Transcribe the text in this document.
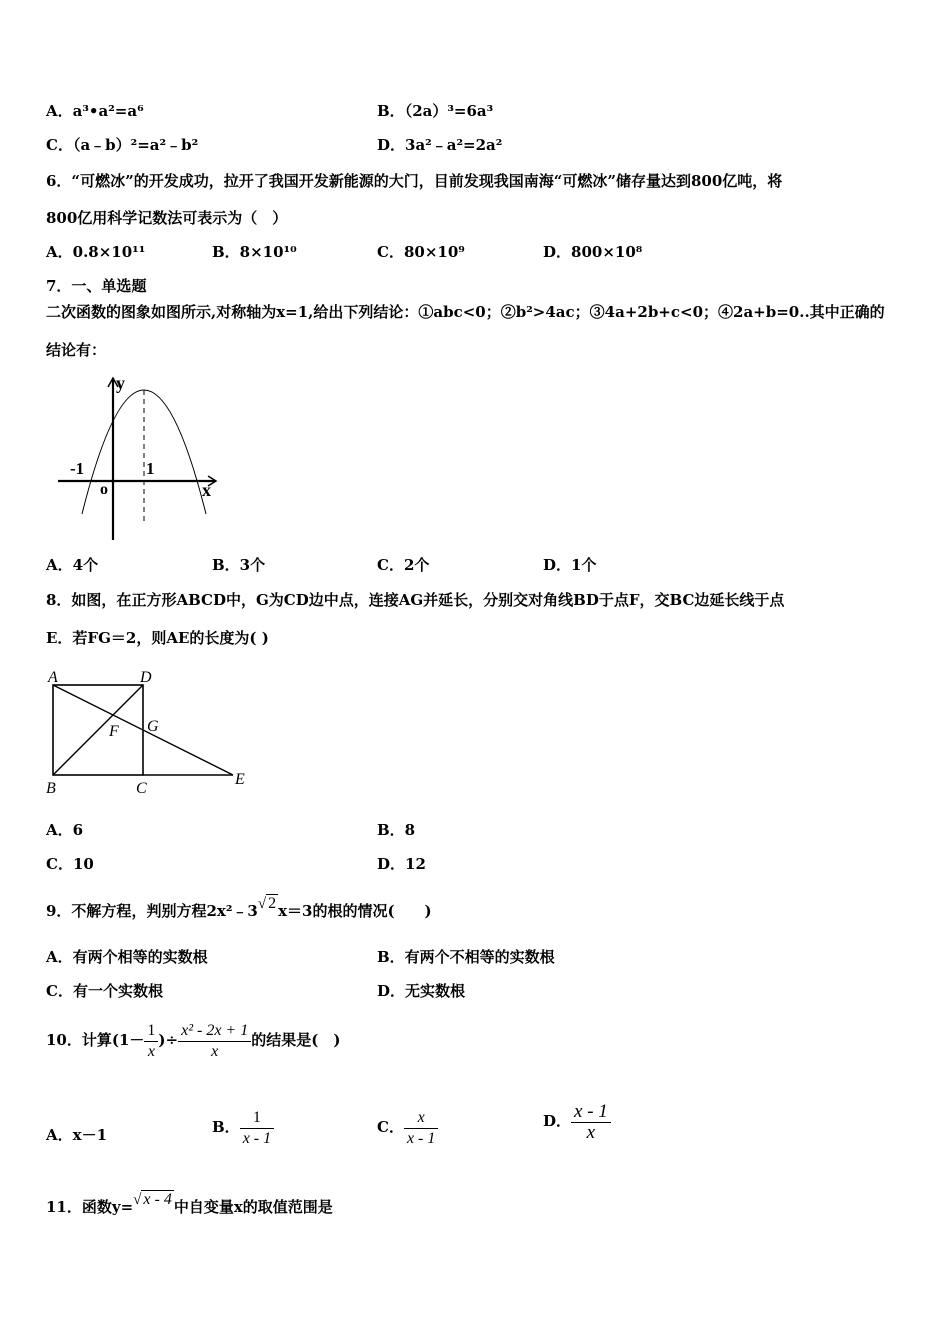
A．a³•a²=a⁶	B．（2a）³=6a³
C．（a﹣b）²=a²﹣b²	D．3a²﹣a²=2a²
6．“可燃冰”的开发成功，拉开了我国开发新能源的大门，目前发现我国南海“可燃冰”储存量达到800亿吨，将
800亿用科学记数法可表示为（　）
A．0.8×10¹¹	B．8×10¹⁰	C．80×10⁹	D．800×10⁸
7．一、单选题
二次函数的图象如图所示,对称轴为x=1,给出下列结论：①abc<0；②b²>4ac；③4a+2b+c<0；④2a+b=0..其中正确的
结论有：
y
x
o
-1	1
A．4个	B．3个	C．2个	D．1个
8．如图，在正方形ABCD中，G为CD边中点，连接AG并延长，分别交对角线BD于点F，交BC边延长线于点
E．若FG＝2，则AE的长度为( )
A	D
G
F
B	C
E
A．6	B．8
C．10	D．12
9．不解方程，判别方程2x²﹣3√ 2 x＝3的根的情况(　　)
A．有两个相等的实数根	B．有两个不相等的实数根
C．有一个实数根	D．无实数根
10．计算($1- \frac{1}{x}$ )÷ $\frac{\text{x² - 2x + 1}}{x}$ 的结果是(　)
A．x－1	B． $\frac{1}{x - 1}$	C． $\frac{x}{x - 1}$	D． $\frac{x - 1}{x}$
11．函数y=√ x - 4 中自变量x的取值范围是
